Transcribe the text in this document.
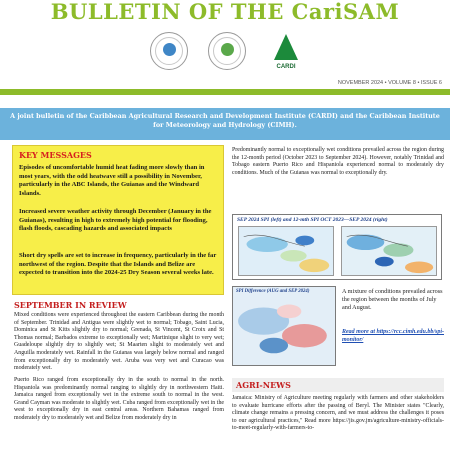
BULLETIN OF THE CariSAM
CARDI
NOVEMBER 2024 • VOLUME 8 • ISSUE 6

A joint bulletin of the Caribbean Agricultural Research and Development Institute (CARDI) and the Caribbean Institute for Meteorology and Hydrology (CIMH).

KEY MESSAGES

Episodes of uncomfortable humid heat fading more slowly than in most years, with the odd heatwave still a possibility in November, particularly in the ABC Islands, the Guianas and the Windward Islands.

Increased severe weather activity through December (January in the Guianas), resulting in high to extremely high potential for flooding, flash floods, cascading hazards and associated impacts

Short dry spells are set to increase in frequency, particularly in the far northwest of the region. Despite that the Islands and Belize are expected to transition into the 2024-25 Dry Season several weeks late.

SEPTEMBER IN REVIEW

Mixed conditions were experienced throughout the eastern Caribbean during the month of September. Trinidad and Antigua were slightly wet to normal; Tobago, Saint Lucia, Dominica and St Kitts slightly dry to normal; Grenada, St Vincent, St Croix and St Thomas normal; Barbados extreme to exceptionally wet; Martinique slight to very wet; Guadeloupe slightly dry to slightly wet; St Maarten slight to moderately wet and Anguilla moderately wet. Rainfall in the Guianas was largely below normal and ranged from exceptionally dry to moderately wet. Aruba was very wet and Curacao was moderately wet.

Puerto Rico ranged from exceptionally dry in the south to normal in the north. Hispaniola was predominantly normal ranging to slightly dry in northwestern Haiti. Jamaica ranged from exceptionally wet in the extreme south to normal in the west. Grand Cayman was moderate to slightly wet. Cuba ranged from exceptionally wet in the west to exceptionally dry in east central areas. Northern Bahamas ranged from moderately dry to moderately wet and Belize from moderately dry in

Predominantly normal to exceptionally wet conditions prevailed across the region during the 12-month period (October 2023 to September 2024). However, notably Trinidad and Tobago eastern Puerto Rico and Hispaniola experienced normal to moderately dry conditions. Much of the Guianas was normal to exceptionally dry.

SEP 2024 SPI (left) and 12-mth SPI OCT 2023—SEP 2024 (right)
SPI Difference (AUG and SEP 2024)	A mixture of conditions prevailed across the region between the months of July and August.

Read more at https://rcc.cimh.edu.bb/spi-monitor/

AGRI-NEWS

Jamaica: Ministry of Agriculture meeting regularly with farmers and other stakeholders to evaluate hurricane efforts after the passing of Beryl. The Minister states "Clearly, climate change remains a pressing concern, and we must address the challenges it poses to our agricultural practices," Read more https://jis.gov.jm/agriculture-ministry-officials-to-meet-regularly-with-farmers-to-
